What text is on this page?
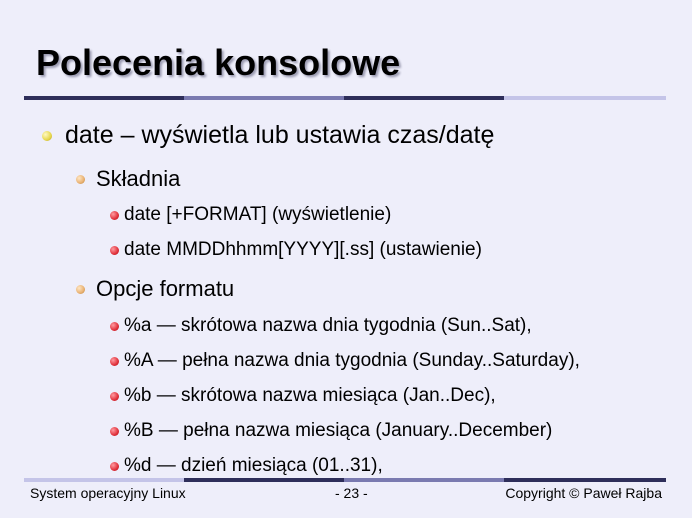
Polecenia konsolowe
date – wyświetla lub ustawia czas/datę
Składnia
date [+FORMAT] (wyświetlenie)
date MMDDhhmm[YYYY][.ss] (ustawienie)
Opcje formatu
%a — skrótowa nazwa dnia tygodnia (Sun..Sat),
%A — pełna nazwa dnia tygodnia (Sunday..Saturday),
%b — skrótowa nazwa miesiąca (Jan..Dec),
%B — pełna nazwa miesiąca (January..December)
%d — dzień miesiąca (01..31),
System operacyjny Linux	- 23 -	Copyright © Paweł Rajba
